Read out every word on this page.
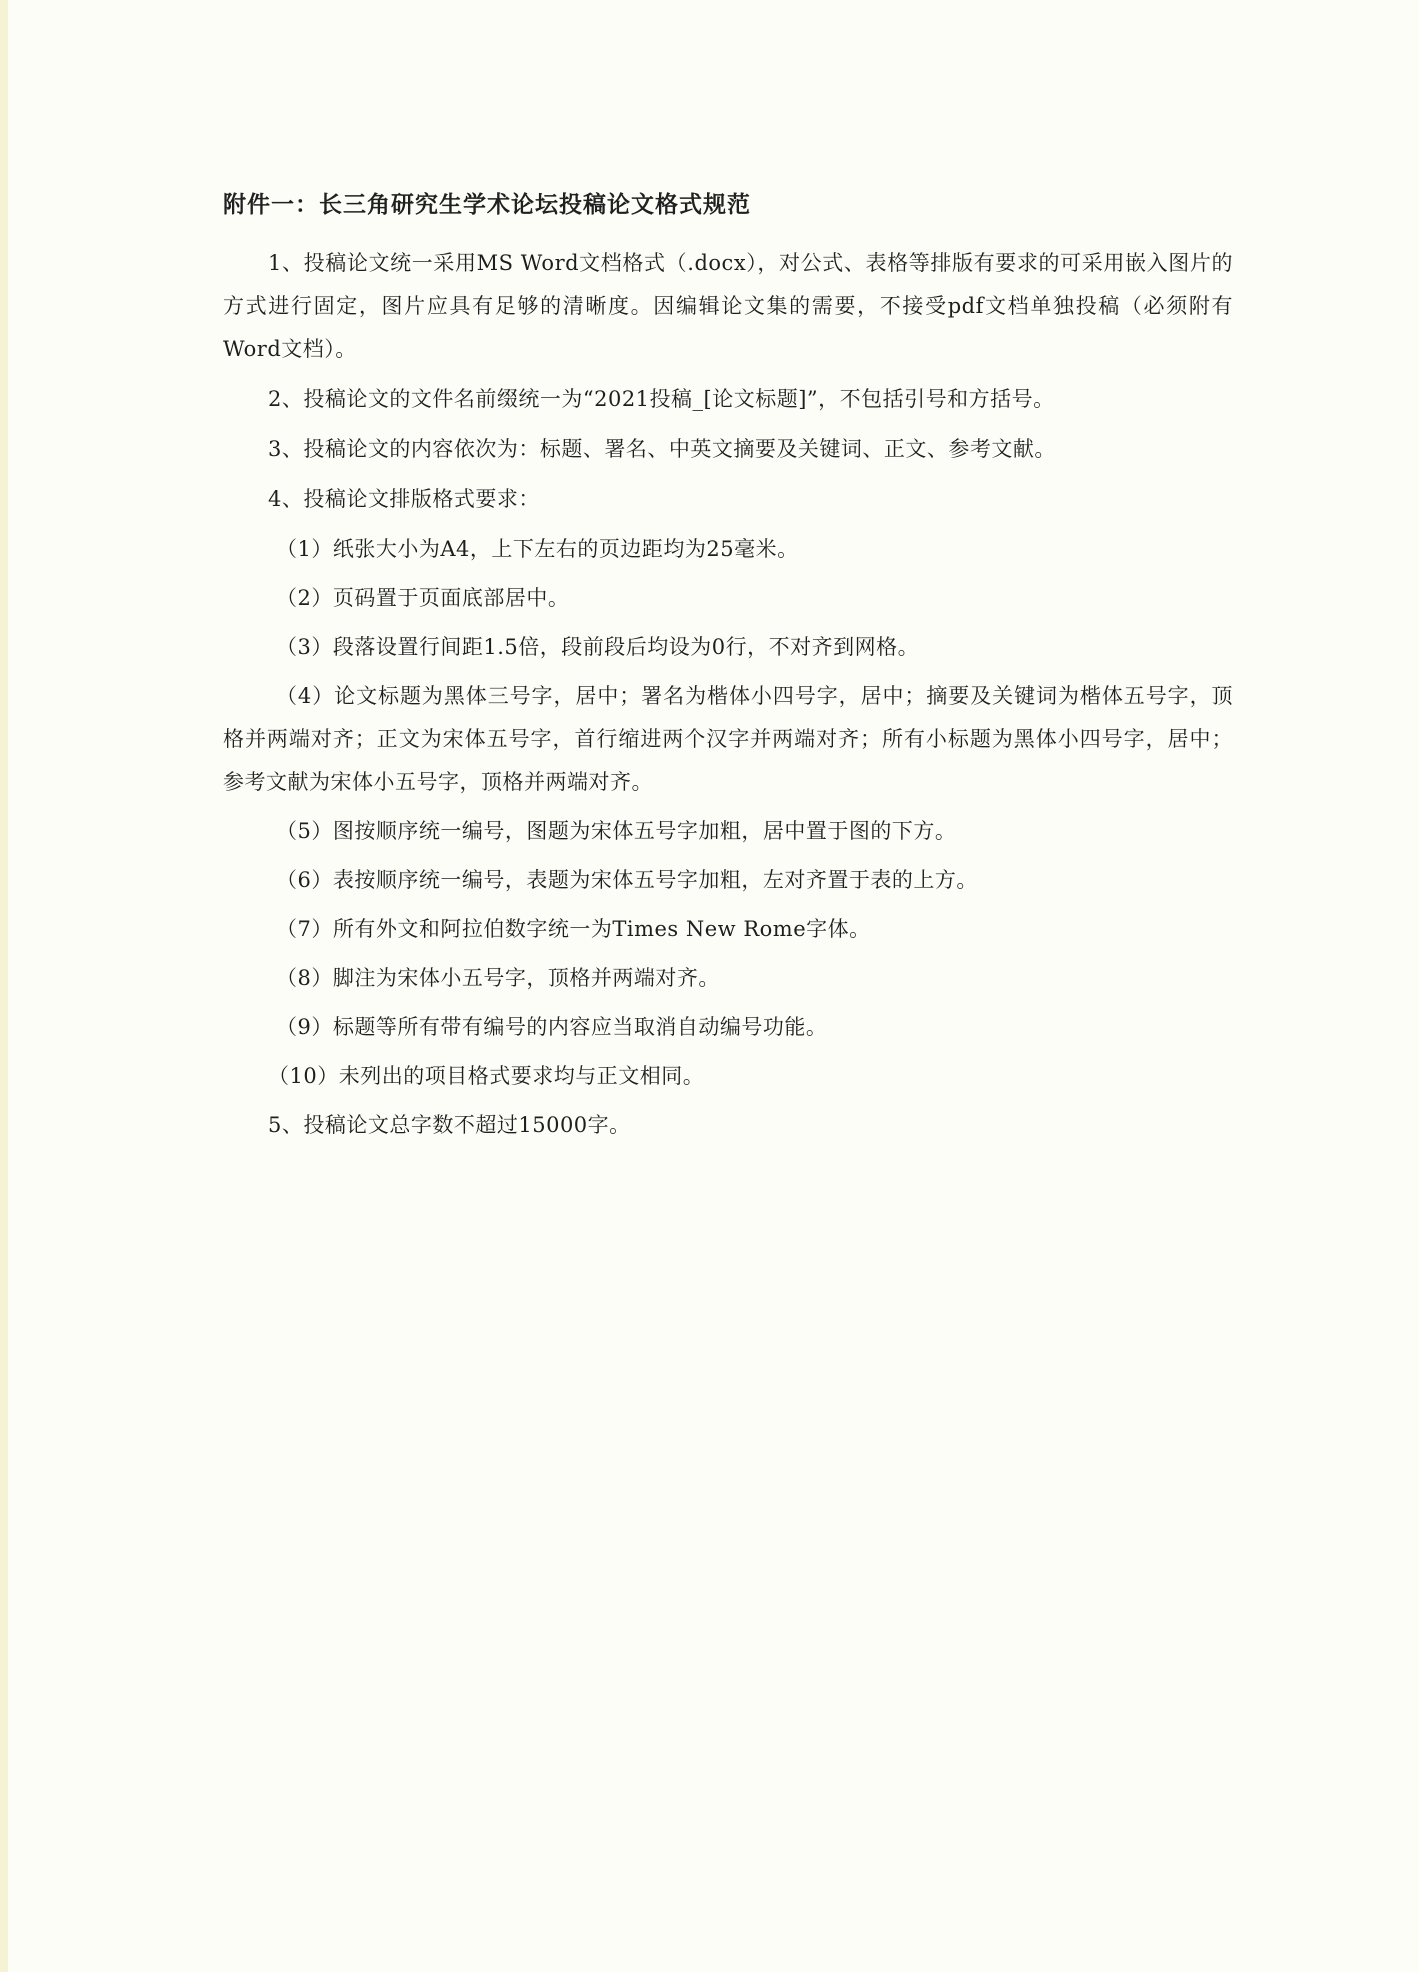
附件一：长三角研究生学术论坛投稿论文格式规范

1、投稿论文统一采用MS Word文档格式（.docx），对公式、表格等排版有要求的可采用嵌入图片的方式进行固定，图片应具有足够的清晰度。因编辑论文集的需要，不接受pdf文档单独投稿（必须附有Word文档）。

2、投稿论文的文件名前缀统一为“2021投稿_[论文标题]”，不包括引号和方括号。

3、投稿论文的内容依次为：标题、署名、中英文摘要及关键词、正文、参考文献。

4、投稿论文排版格式要求：

（1）纸张大小为A4，上下左右的页边距均为25毫米。

（2）页码置于页面底部居中。

（3）段落设置行间距1.5倍，段前段后均设为0行，不对齐到网格。

（4）论文标题为黑体三号字，居中；署名为楷体小四号字，居中；摘要及关键词为楷体五号字，顶格并两端对齐；正文为宋体五号字，首行缩进两个汉字并两端对齐；所有小标题为黑体小四号字，居中；参考文献为宋体小五号字，顶格并两端对齐。

（5）图按顺序统一编号，图题为宋体五号字加粗，居中置于图的下方。

（6）表按顺序统一编号，表题为宋体五号字加粗，左对齐置于表的上方。

（7）所有外文和阿拉伯数字统一为Times New Rome字体。

（8）脚注为宋体小五号字，顶格并两端对齐。

（9）标题等所有带有编号的内容应当取消自动编号功能。

（10）未列出的项目格式要求均与正文相同。

5、投稿论文总字数不超过15000字。
